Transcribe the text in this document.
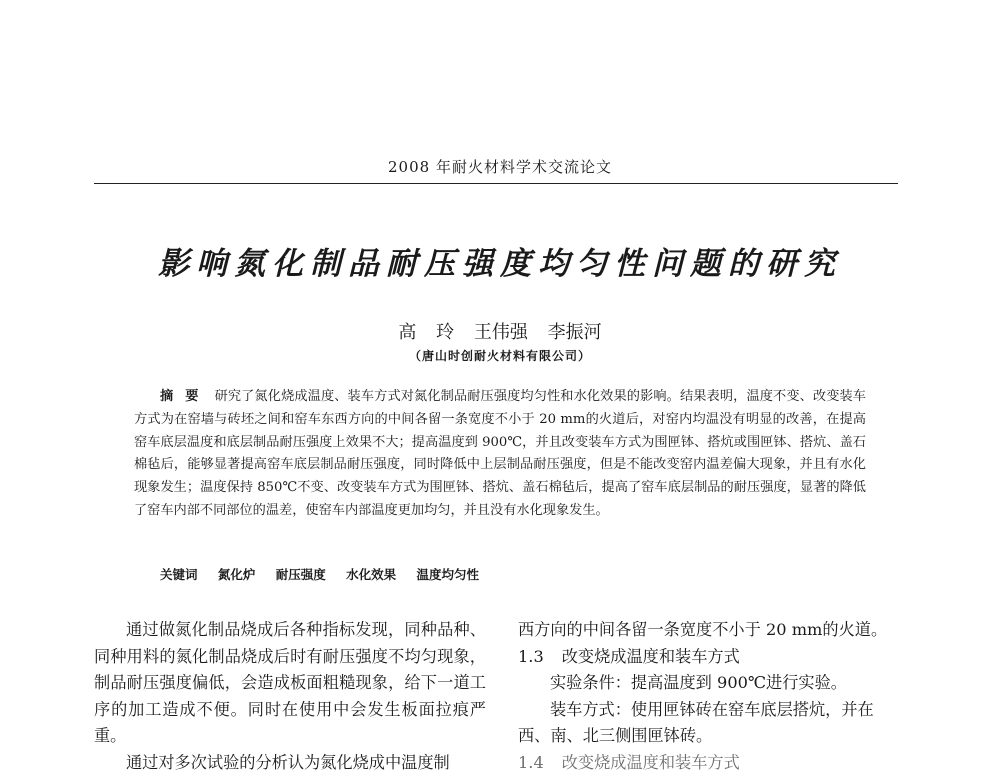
2008 年耐火材料学术交流论文
影响氮化制品耐压强度均匀性问题的研究
高 玲 王伟强 李振河
（唐山时创耐火材料有限公司）
摘要 研究了氮化烧成温度、装车方式对氮化制品耐压强度均匀性和水化效果的影响。结果表明，温度不变、改变装车方式为在窑墙与砖坯之间和窑车东西方向的中间各留一条宽度不小于 20 mm的火道后，对窑内均温没有明显的改善，在提高窑车底层温度和底层制品耐压强度上效果不大；提高温度到 900℃，并且改变装车方式为围匣钵、搭炕或围匣钵、搭炕、盖石棉毡后，能够显著提高窑车底层制品耐压强度，同时降低中上层制品耐压强度，但是不能改变窑内温差偏大现象，并且有水化现象发生；温度保持 850℃不变、改变装车方式为围匣钵、搭炕、盖石棉毡后，提高了窑车底层制品的耐压强度，显著的降低了窑车内部不同部位的温差，使窑车内部温度更加均匀，并且没有水化现象发生。
关键词 氮化炉 耐压强度 水化效果 温度均匀性
通过做氮化制品烧成后各种指标发现，同种品种、同种用料的氮化制品烧成后时有耐压强度不均匀现象，制品耐压强度偏低，会造成板面粗糙现象，给下一道工序的加工造成不便。同时在使用中会发生板面拉痕严重。
通过对多次试验的分析认为氮化烧成中温度制
西方向的中间各留一条宽度不小于 20 mm的火道。
1.3 改变烧成温度和装车方式
实验条件：提高温度到 900℃进行实验。
装车方式：使用匣钵砖在窑车底层搭炕，并在
西、南、北三侧围匣钵砖。
1.4 改变烧成温度和装车方式
